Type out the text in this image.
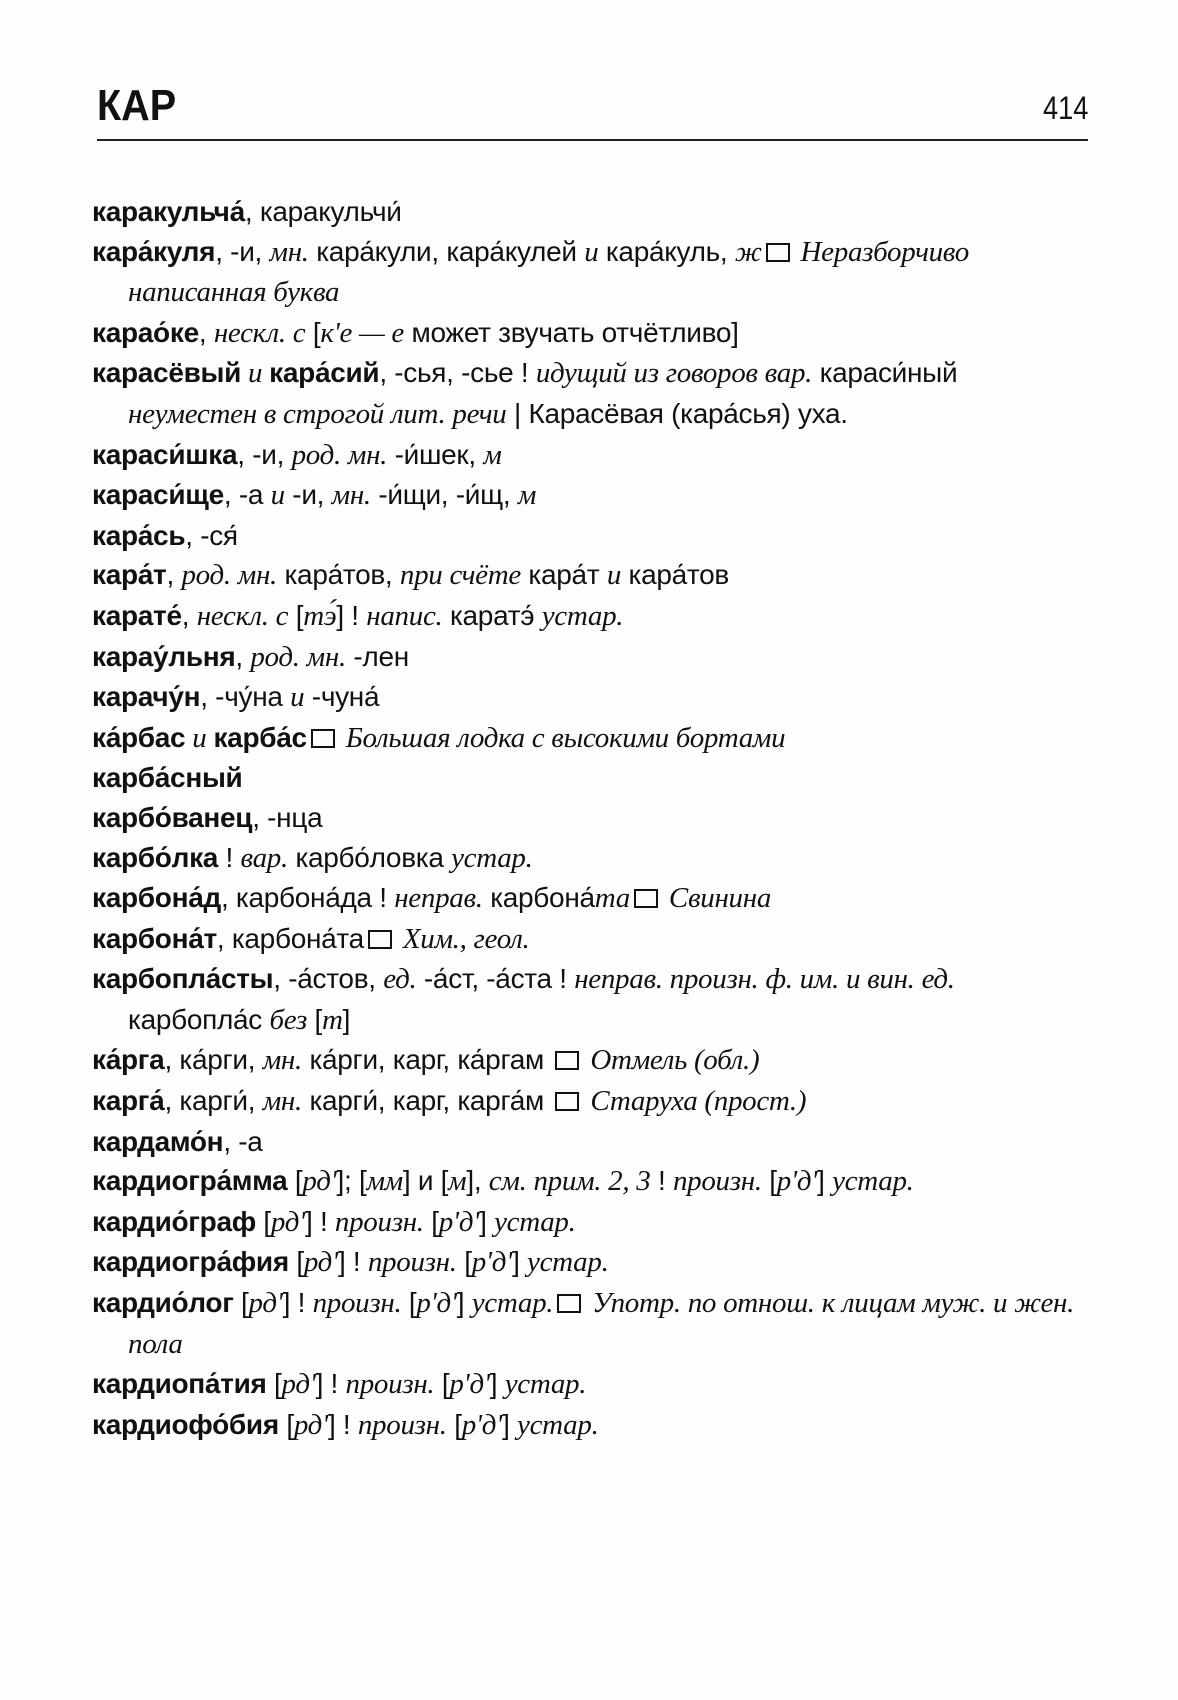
КАР	414
каракульча́, каракульчи́
кара́куля, -и, мн. кара́кули, кара́кулей и кара́куль, ж Неразборчиво написанная буква
карао́ке, нескл. с [к'е — е может звучать отчётливо]
карасёвый и кара́сий, -сья, -сье ! идущий из говоров вар. караси́ный неуместен в строгой лит. речи | Карасёвая (кара́сья) уха.
караси́шка, -и, род. мн. -и́шек, м
караси́ще, -а и -и, мн. -и́щи, -и́щ, м
кара́сь, -ся́
кара́т, род. мн. кара́тов, при счёте кара́т и кара́тов
карате́, нескл. с [тэ́] ! напис. каратэ́ устар.
карау́льня, род. мн. -лен
карачу́н, -чу́на и -чуна́
ка́рбас и карба́с Большая лодка с высокими бортами
карба́сный
карбо́ванец, -нца
карбо́лка ! вар. карбо́ловка устар.
карбона́д, карбона́да ! неправ. карбона́та Свинина
карбона́т, карбона́та Хим., геол.
карбопла́сты, -а́стов, ед. -а́ст, -а́ста ! неправ. произн. ф. им. и вин. ед. карбопла́с без [т]
ка́рга, ка́рги, мн. ка́рги, карг, ка́ргам  Отмель (обл.)
карга́, карги́, мн. карги́, карг, карга́м  Старуха (прост.)
кардамо́н, -а
кардиогра́мма [рд']; [мм] и [м], см. прим. 2, 3 ! произн. [р'д'] устар.
кардио́граф [рд'] ! произн. [р'д'] устар.
кардиогра́фия [рд'] ! произн. [р'д'] устар.
кардио́лог [рд'] ! произн. [р'д'] устар. Употр. по отнош. к лицам муж. и жен. пола
кардиопа́тия [рд'] ! произн. [р'д'] устар.
кардиофо́бия [рд'] ! произн. [р'д'] устар.
